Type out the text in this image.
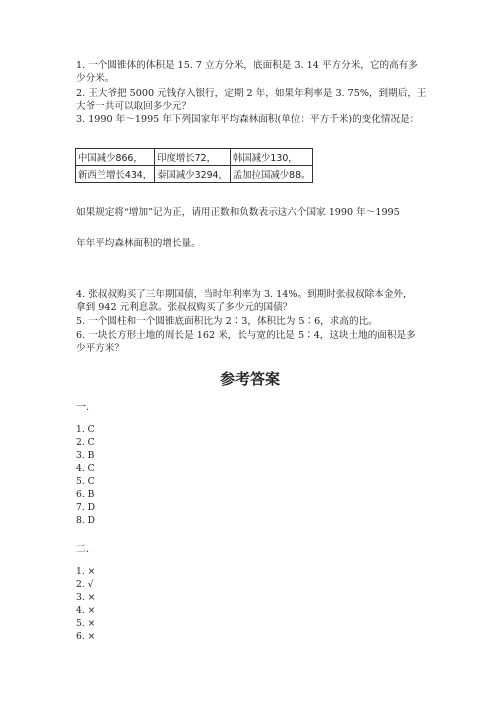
1. 一个圆锥体的体积是 15. 7 立方分米，底面积是 3. 14 平方分米，它的高有多
少分米。
2. 王大爷把 5000 元钱存入银行，定期 2 年，如果年利率是 3. 75%，到期后，王
大爷一共可以取回多少元？
3. 1990 年～1995 年下列国家年平均森林面积(单位：平方千米)的变化情况是：
中国减少866，	印度增长72，	韩国减少130，
新西兰增长434，	泰国减少3294，	孟加拉国减少88。
如果规定将“增加”记为正，请用正数和负数表示这六个国家 1990 年～1995
年年平均森林面积的增长量。
4. 张叔叔购买了三年期国债，当时年利率为 3. 14%。到期时张叔叔除本金外，
拿到 942 元利息款。张叔叔购买了多少元的国债？
5. 一个圆柱和一个圆锥底面积比为 2∶3，体积比为 5∶6，求高的比。
6. 一块长方形土地的周长是 162 米，长与宽的比是 5∶4，这块土地的面积是多
少平方米？
参考答案
一.
1. C
2. C
3. B
4. C
5. C
6. B
7. D
8. D
二.
1. ×
2. √
3. ×
4. ×
5. ×
6. ×
